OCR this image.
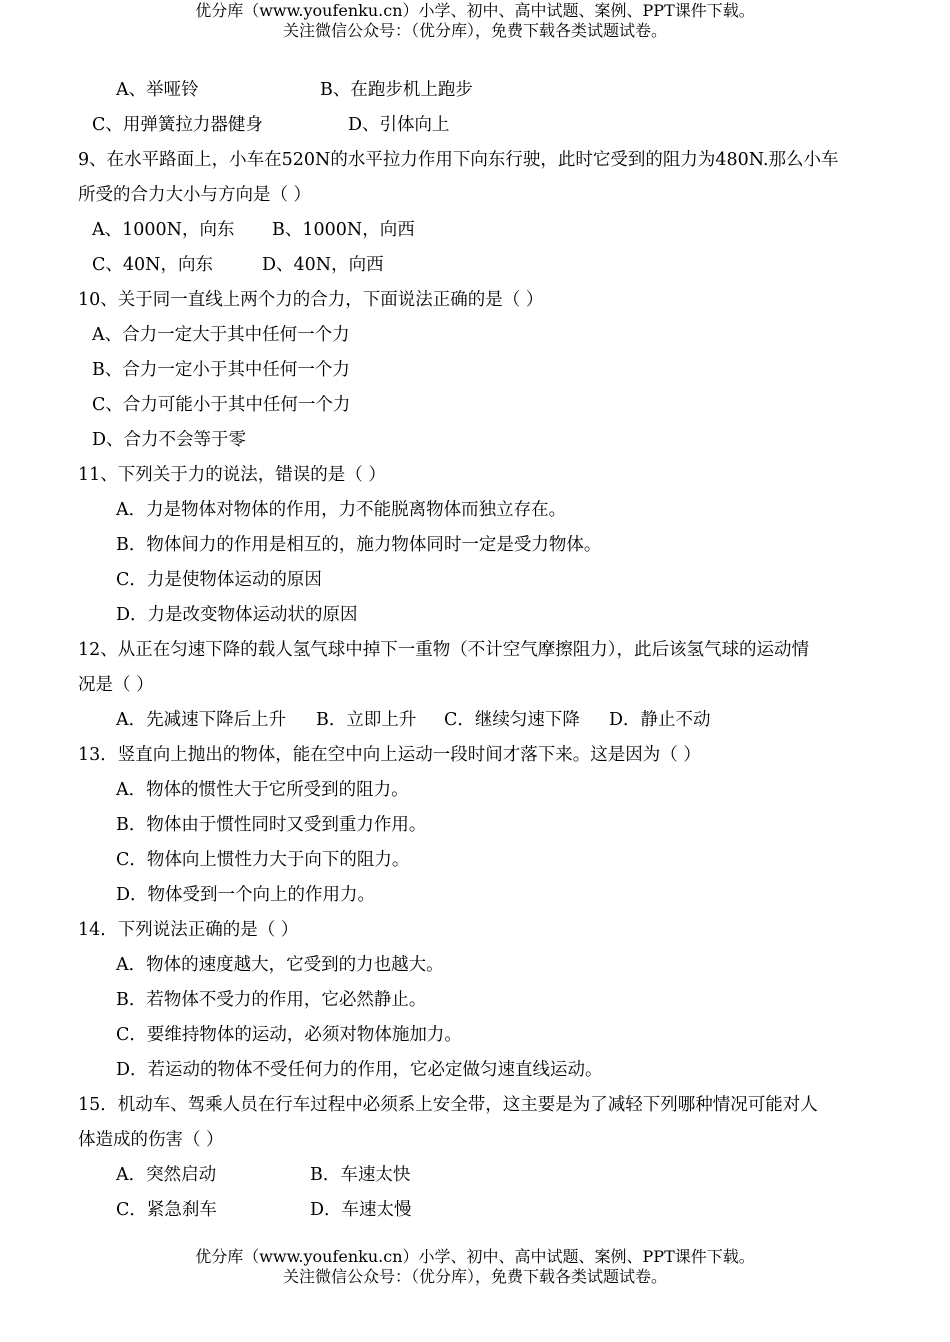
优分库（www.youfenku.cn）小学、初中、高中试题、案例、PPT课件下载。
关注微信公众号：（优分库），免费下载各类试题试卷。
A、举哑铃	B、在跑步机上跑步
C、用弹簧拉力器健身	D、引体向上
9、在水平路面上，小车在520N的水平拉力作用下向东行驶，此时它受到的阻力为480N.那么小车
所受的合力大小与方向是（ ）
A、1000N，向东 B、1000N，向西
C、40N，向东	D、40N，向西
10、关于同一直线上两个力的合力，下面说法正确的是（ ）
A、合力一定大于其中任何一个力
B、合力一定小于其中任何一个力
C、合力可能小于其中任何一个力
D、合力不会等于零
11、下列关于力的说法，错误的是（ ）
A．力是物体对物体的作用，力不能脱离物体而独立存在。
B．物体间力的作用是相互的，施力物体同时一定是受力物体。
C．力是使物体运动的原因
D．力是改变物体运动状的原因
12、从正在匀速下降的载人氢气球中掉下一重物（不计空气摩擦阻力），此后该氢气球的运动情
况是（ ）
A．先减速下降后上升 B．立即上升 C．继续匀速下降 D．静止不动
13．竖直向上抛出的物体，能在空中向上运动一段时间才落下来。这是因为（ ）
A．物体的惯性大于它所受到的阻力。
B．物体由于惯性同时又受到重力作用。
C．物体向上惯性力大于向下的阻力。
D．物体受到一个向上的作用力。
14．下列说法正确的是（ ）
A．物体的速度越大，它受到的力也越大。
B．若物体不受力的作用，它必然静止。
C．要维持物体的运动，必须对物体施加力。
D．若运动的物体不受任何力的作用，它必定做匀速直线运动。
15．机动车、驾乘人员在行车过程中必须系上安全带，这主要是为了减轻下列哪种情况可能对人
体造成的伤害（ ）
A．突然启动	B．车速太快
C．紧急刹车	D．车速太慢
优分库（www.youfenku.cn）小学、初中、高中试题、案例、PPT课件下载。
关注微信公众号：（优分库），免费下载各类试题试卷。
